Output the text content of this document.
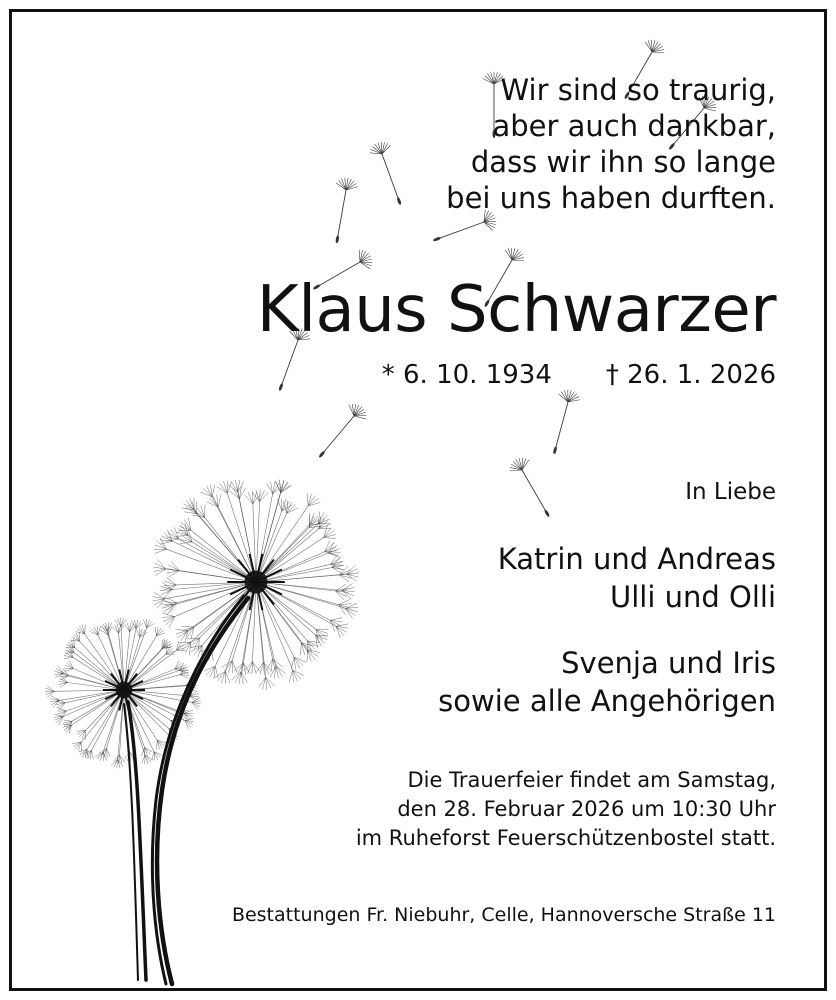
Wir sind so traurig,
aber auch dankbar,
dass wir ihn so lange
bei uns haben durften.
Klaus Schwarzer
* 6. 10. 1934 † 26. 1. 2026
In Liebe
Katrin und Andreas
Ulli und Olli
Svenja und Iris
sowie alle Angehörigen
Die Trauerfeier findet am Samstag,
den 28. Februar 2026 um 10:30 Uhr
im Ruheforst Feuerschützenbostel statt.
Bestattungen Fr. Niebuhr, Celle, Hannoversche Straße 11
